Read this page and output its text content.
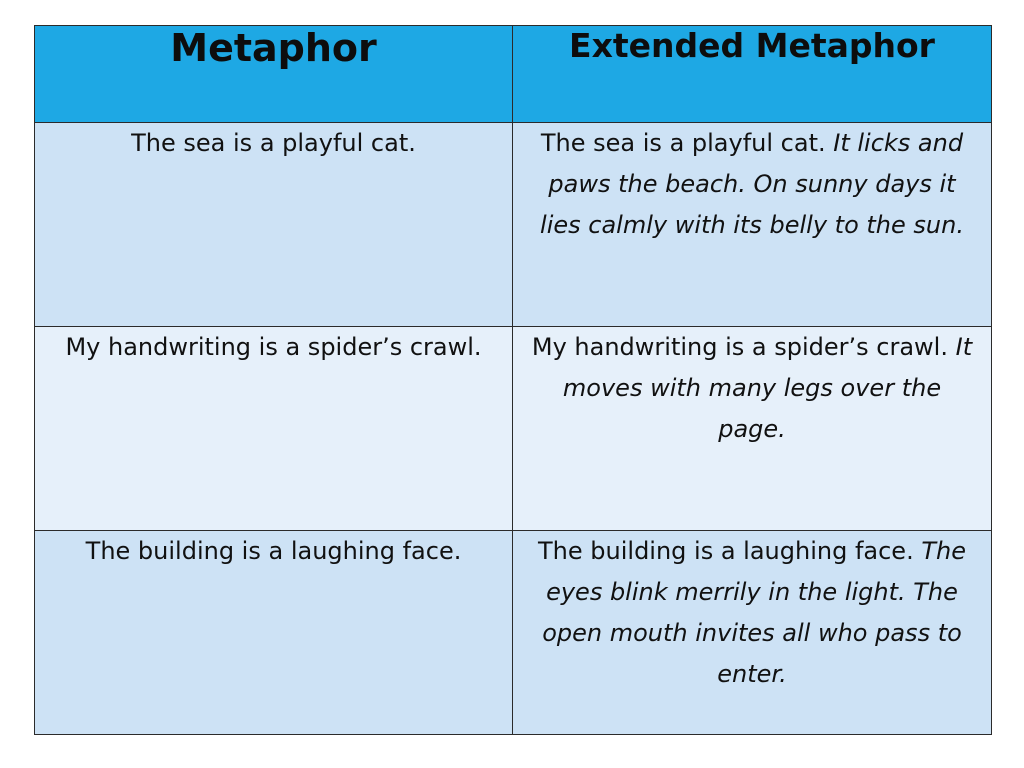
Metaphor	Extended Metaphor
The sea is a playful cat.	The sea is a playful cat. It licks and paws the beach. On sunny days it lies calmly with its belly to the sun.
My handwriting is a spider’s crawl.	My handwriting is a spider’s crawl. It moves with many legs over the page.
The building is a laughing face.	The building is a laughing face. The eyes blink merrily in the light. The open mouth invites all who pass to enter.
